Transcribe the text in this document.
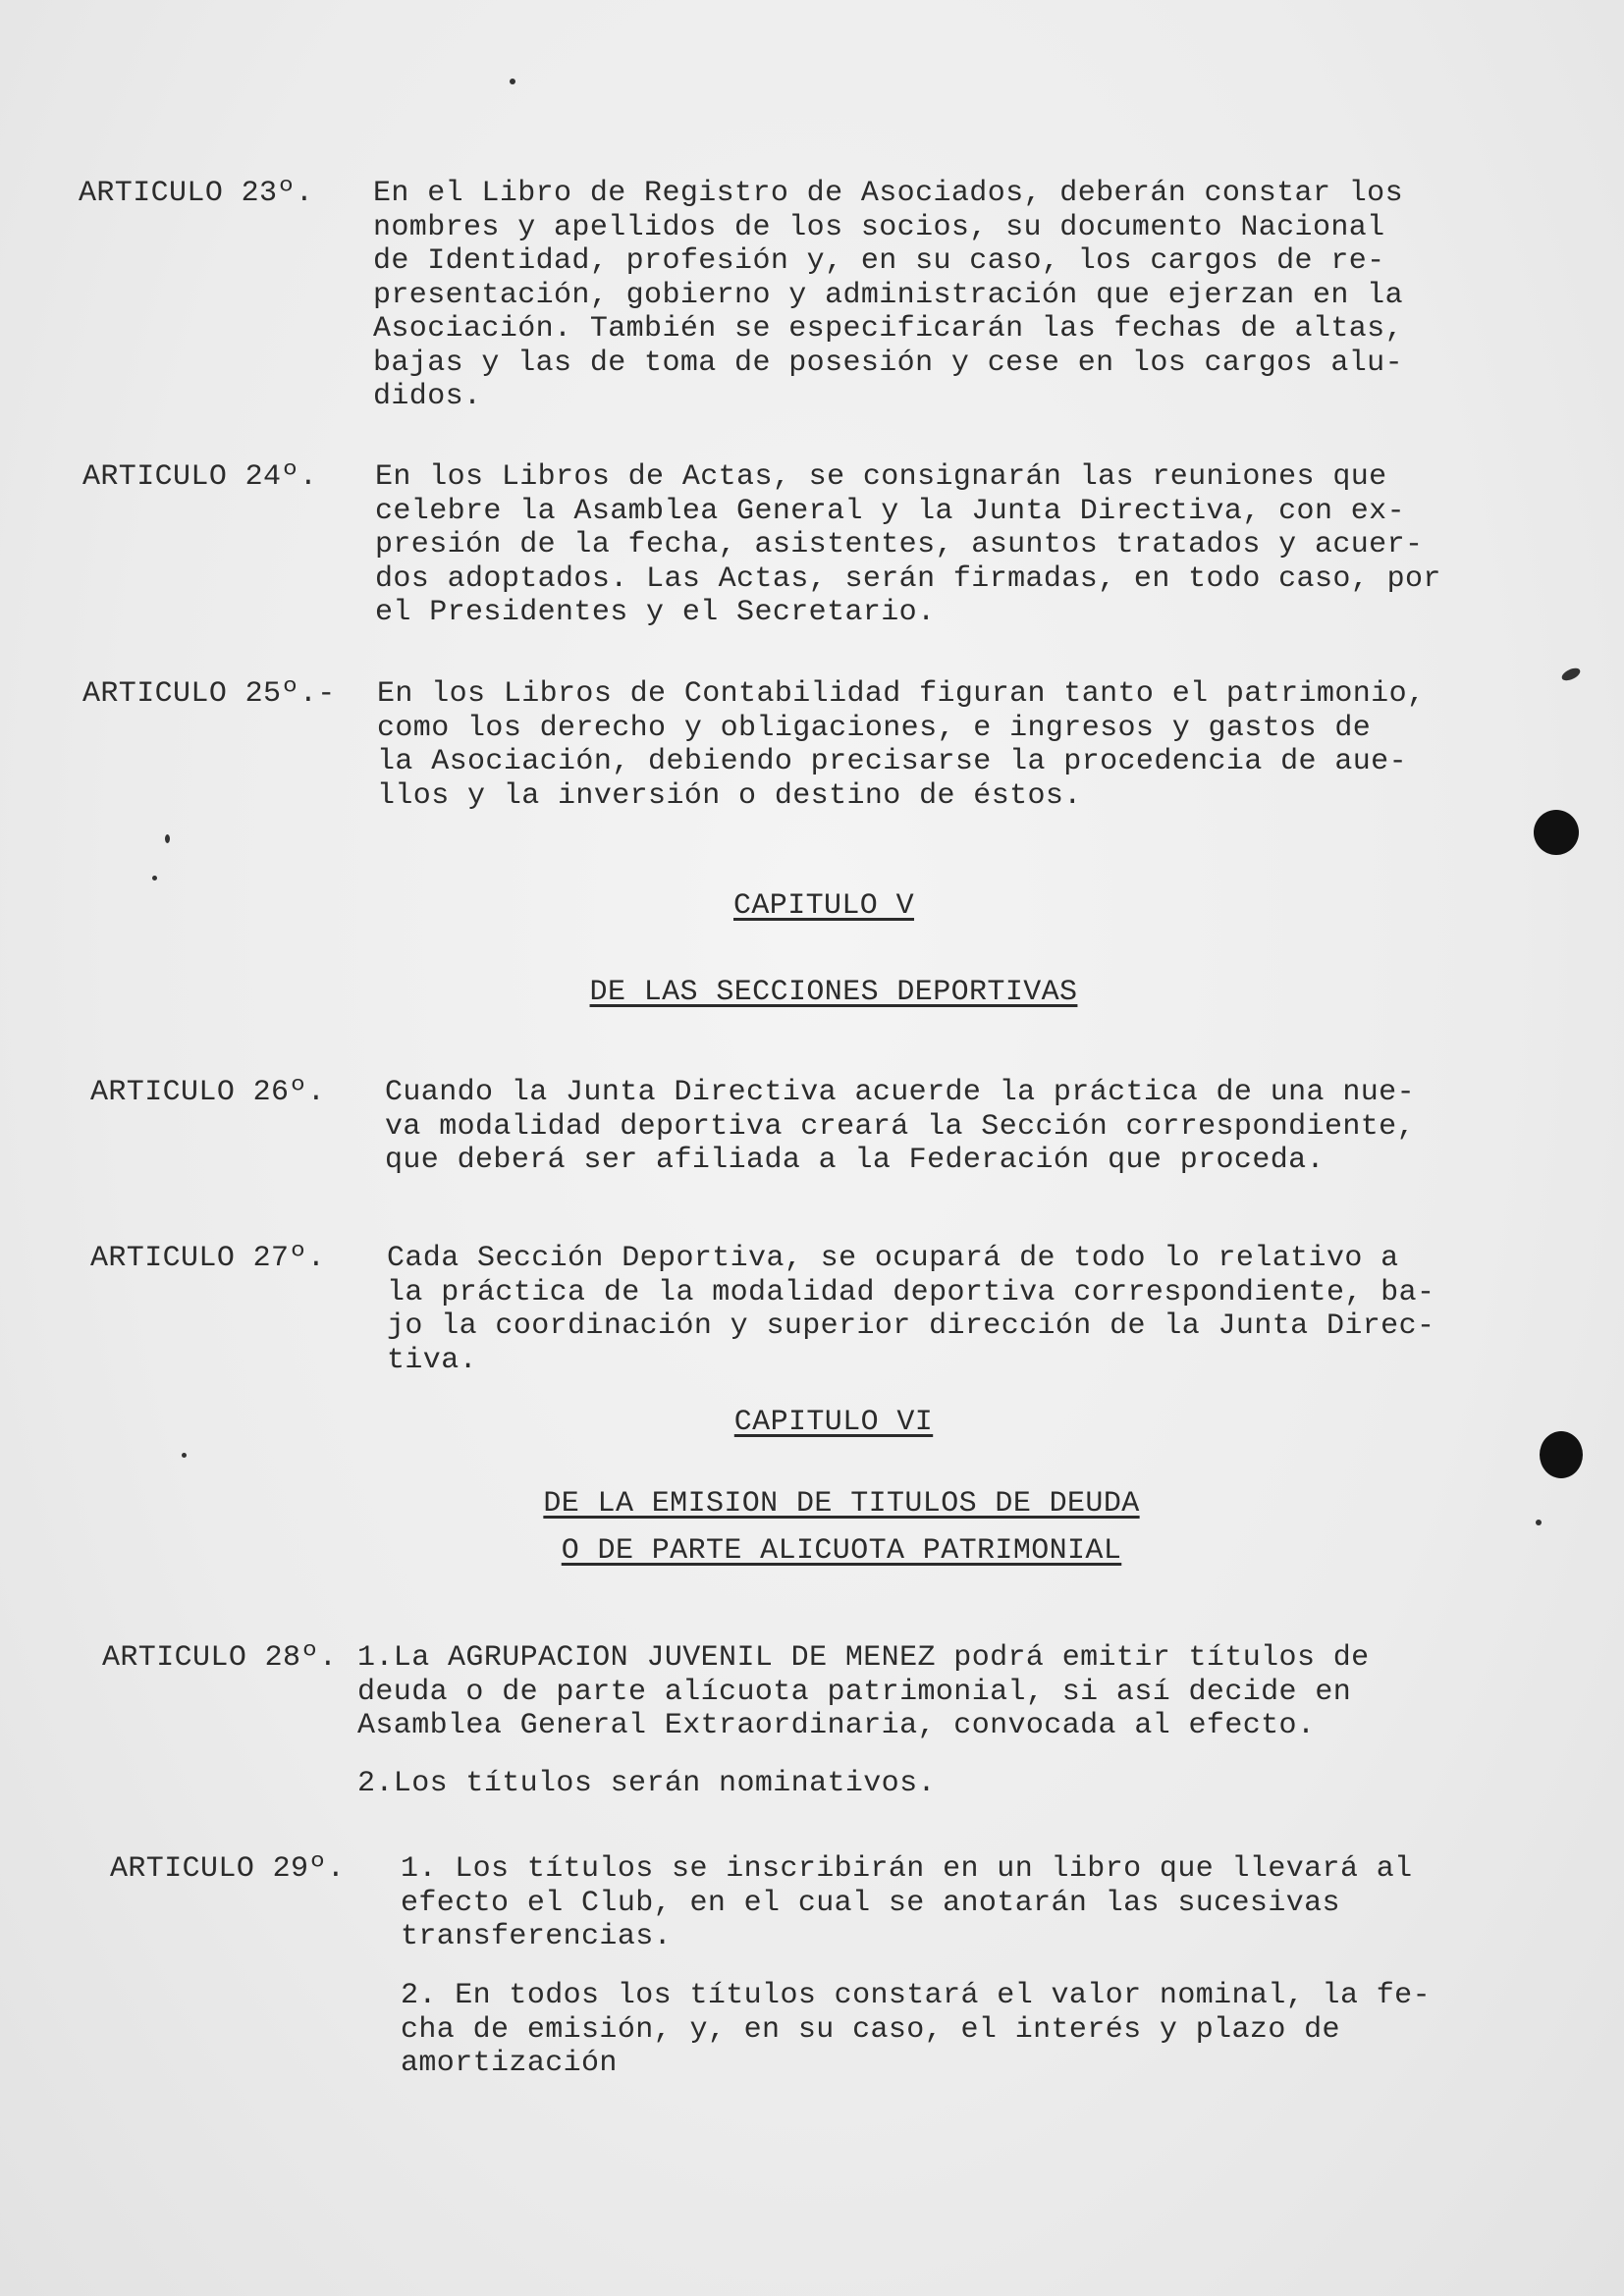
ARTICULO 23º. En el Libro de Registro de Asociados, deberán constar los
nombres y apellidos de los socios, su documento Nacional
de Identidad, profesión y, en su caso, los cargos de re-
presentación, gobierno y administración que ejerzan en la
Asociación. También se especificarán las fechas de altas,
bajas y las de toma de posesión y cese en los cargos alu-
didos.
ARTICULO 24º. En los Libros de Actas, se consignarán las reuniones que
celebre la Asamblea General y la Junta Directiva, con ex-
presión de la fecha, asistentes, asuntos tratados y acuer-
dos adoptados. Las Actas, serán firmadas, en todo caso, por
el Presidentes y el Secretario.
ARTICULO 25º.- En los Libros de Contabilidad figuran tanto el patrimonio,
como los derecho y obligaciones, e ingresos y gastos de
la Asociación, debiendo precisarse la procedencia de aue-
llos y la inversión o destino de éstos.
CAPITULO V
DE LAS SECCIONES DEPORTIVAS
ARTICULO 26º. Cuando la Junta Directiva acuerde la práctica de una nue-
va modalidad deportiva creará la Sección correspondiente,
que deberá ser afiliada a la Federación que proceda.
ARTICULO 27º. Cada Sección Deportiva, se ocupará de todo lo relativo a
la práctica de la modalidad deportiva correspondiente, ba-
jo la coordinación y superior dirección de la Junta Direc-
tiva.
CAPITULO VI
DE LA EMISION DE TITULOS DE DEUDA
O DE PARTE ALICUOTA PATRIMONIAL
ARTICULO 28º. 1.La AGRUPACION JUVENIL DE MENEZ podrá emitir títulos de
deuda o de parte alícuota patrimonial, si así decide en
Asamblea General Extraordinaria, convocada al efecto.
2.Los títulos serán nominativos.
ARTICULO 29º. 1. Los títulos se inscribirán en un libro que llevará al
efecto el Club, en el cual se anotarán las sucesivas
transferencias.
2. En todos los títulos constará el valor nominal, la fe-
cha de emisión, y, en su caso, el interés y plazo de
amortización
